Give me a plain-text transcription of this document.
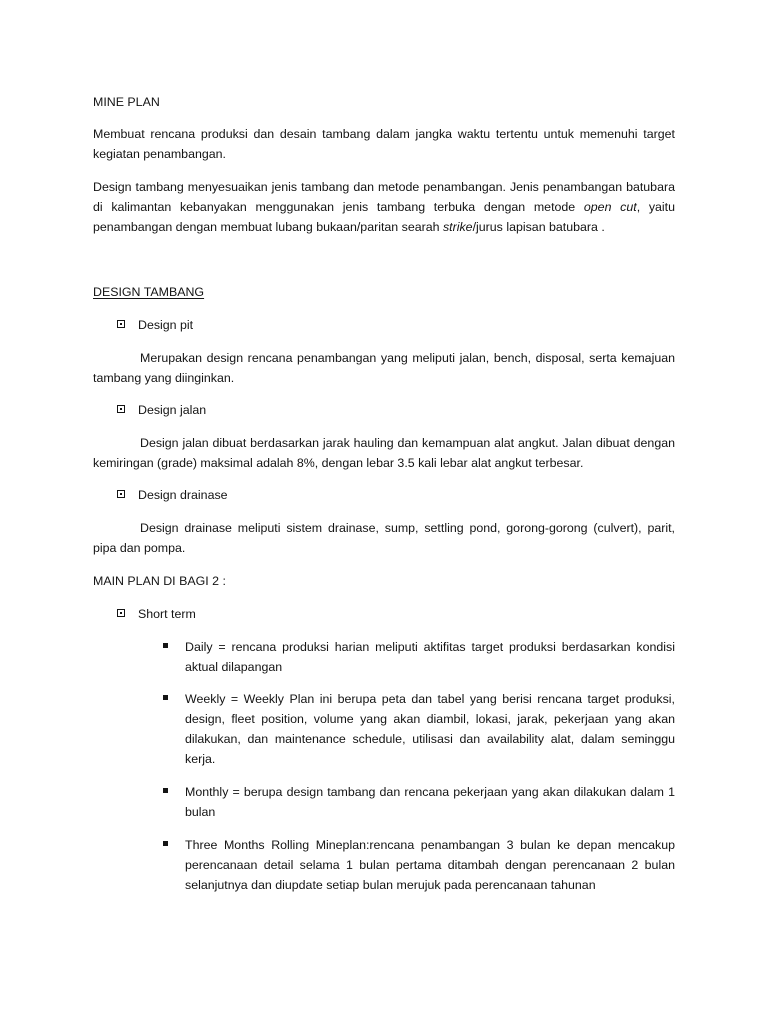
MINE PLAN

Membuat rencana produksi dan desain tambang dalam jangka waktu tertentu untuk memenuhi target kegiatan penambangan.

Design tambang menyesuaikan jenis tambang dan metode penambangan. Jenis penambangan batubara di kalimantan kebanyakan menggunakan jenis tambang terbuka dengan metode open cut, yaitu penambangan dengan membuat lubang bukaan/paritan searah strike/jurus lapisan batubara .

DESIGN TAMBANG

Design pit

Merupakan design rencana penambangan yang meliputi jalan, bench, disposal, serta kemajuan tambang yang diinginkan.

Design jalan

Design jalan dibuat berdasarkan jarak hauling dan kemampuan alat angkut. Jalan dibuat dengan kemiringan (grade) maksimal adalah 8%, dengan lebar 3.5 kali lebar alat angkut terbesar.

Design drainase

Design drainase meliputi sistem drainase, sump, settling pond, gorong-gorong (culvert), parit, pipa dan pompa.

MAIN PLAN DI BAGI 2 :

Short term

Daily = rencana produksi harian meliputi aktifitas target produksi berdasarkan kondisi aktual dilapangan

Weekly = Weekly Plan ini berupa peta dan tabel yang berisi rencana target produksi, design, fleet position, volume yang akan diambil, lokasi, jarak, pekerjaan yang akan dilakukan, dan maintenance schedule, utilisasi dan availability alat, dalam seminggu kerja.

Monthly = berupa design tambang dan rencana pekerjaan yang akan dilakukan dalam 1 bulan

Three Months Rolling Mineplan:rencana penambangan 3 bulan ke depan mencakup perencanaan detail selama 1 bulan pertama ditambah dengan perencanaan 2 bulan selanjutnya dan diupdate setiap bulan merujuk pada perencanaan tahunan
